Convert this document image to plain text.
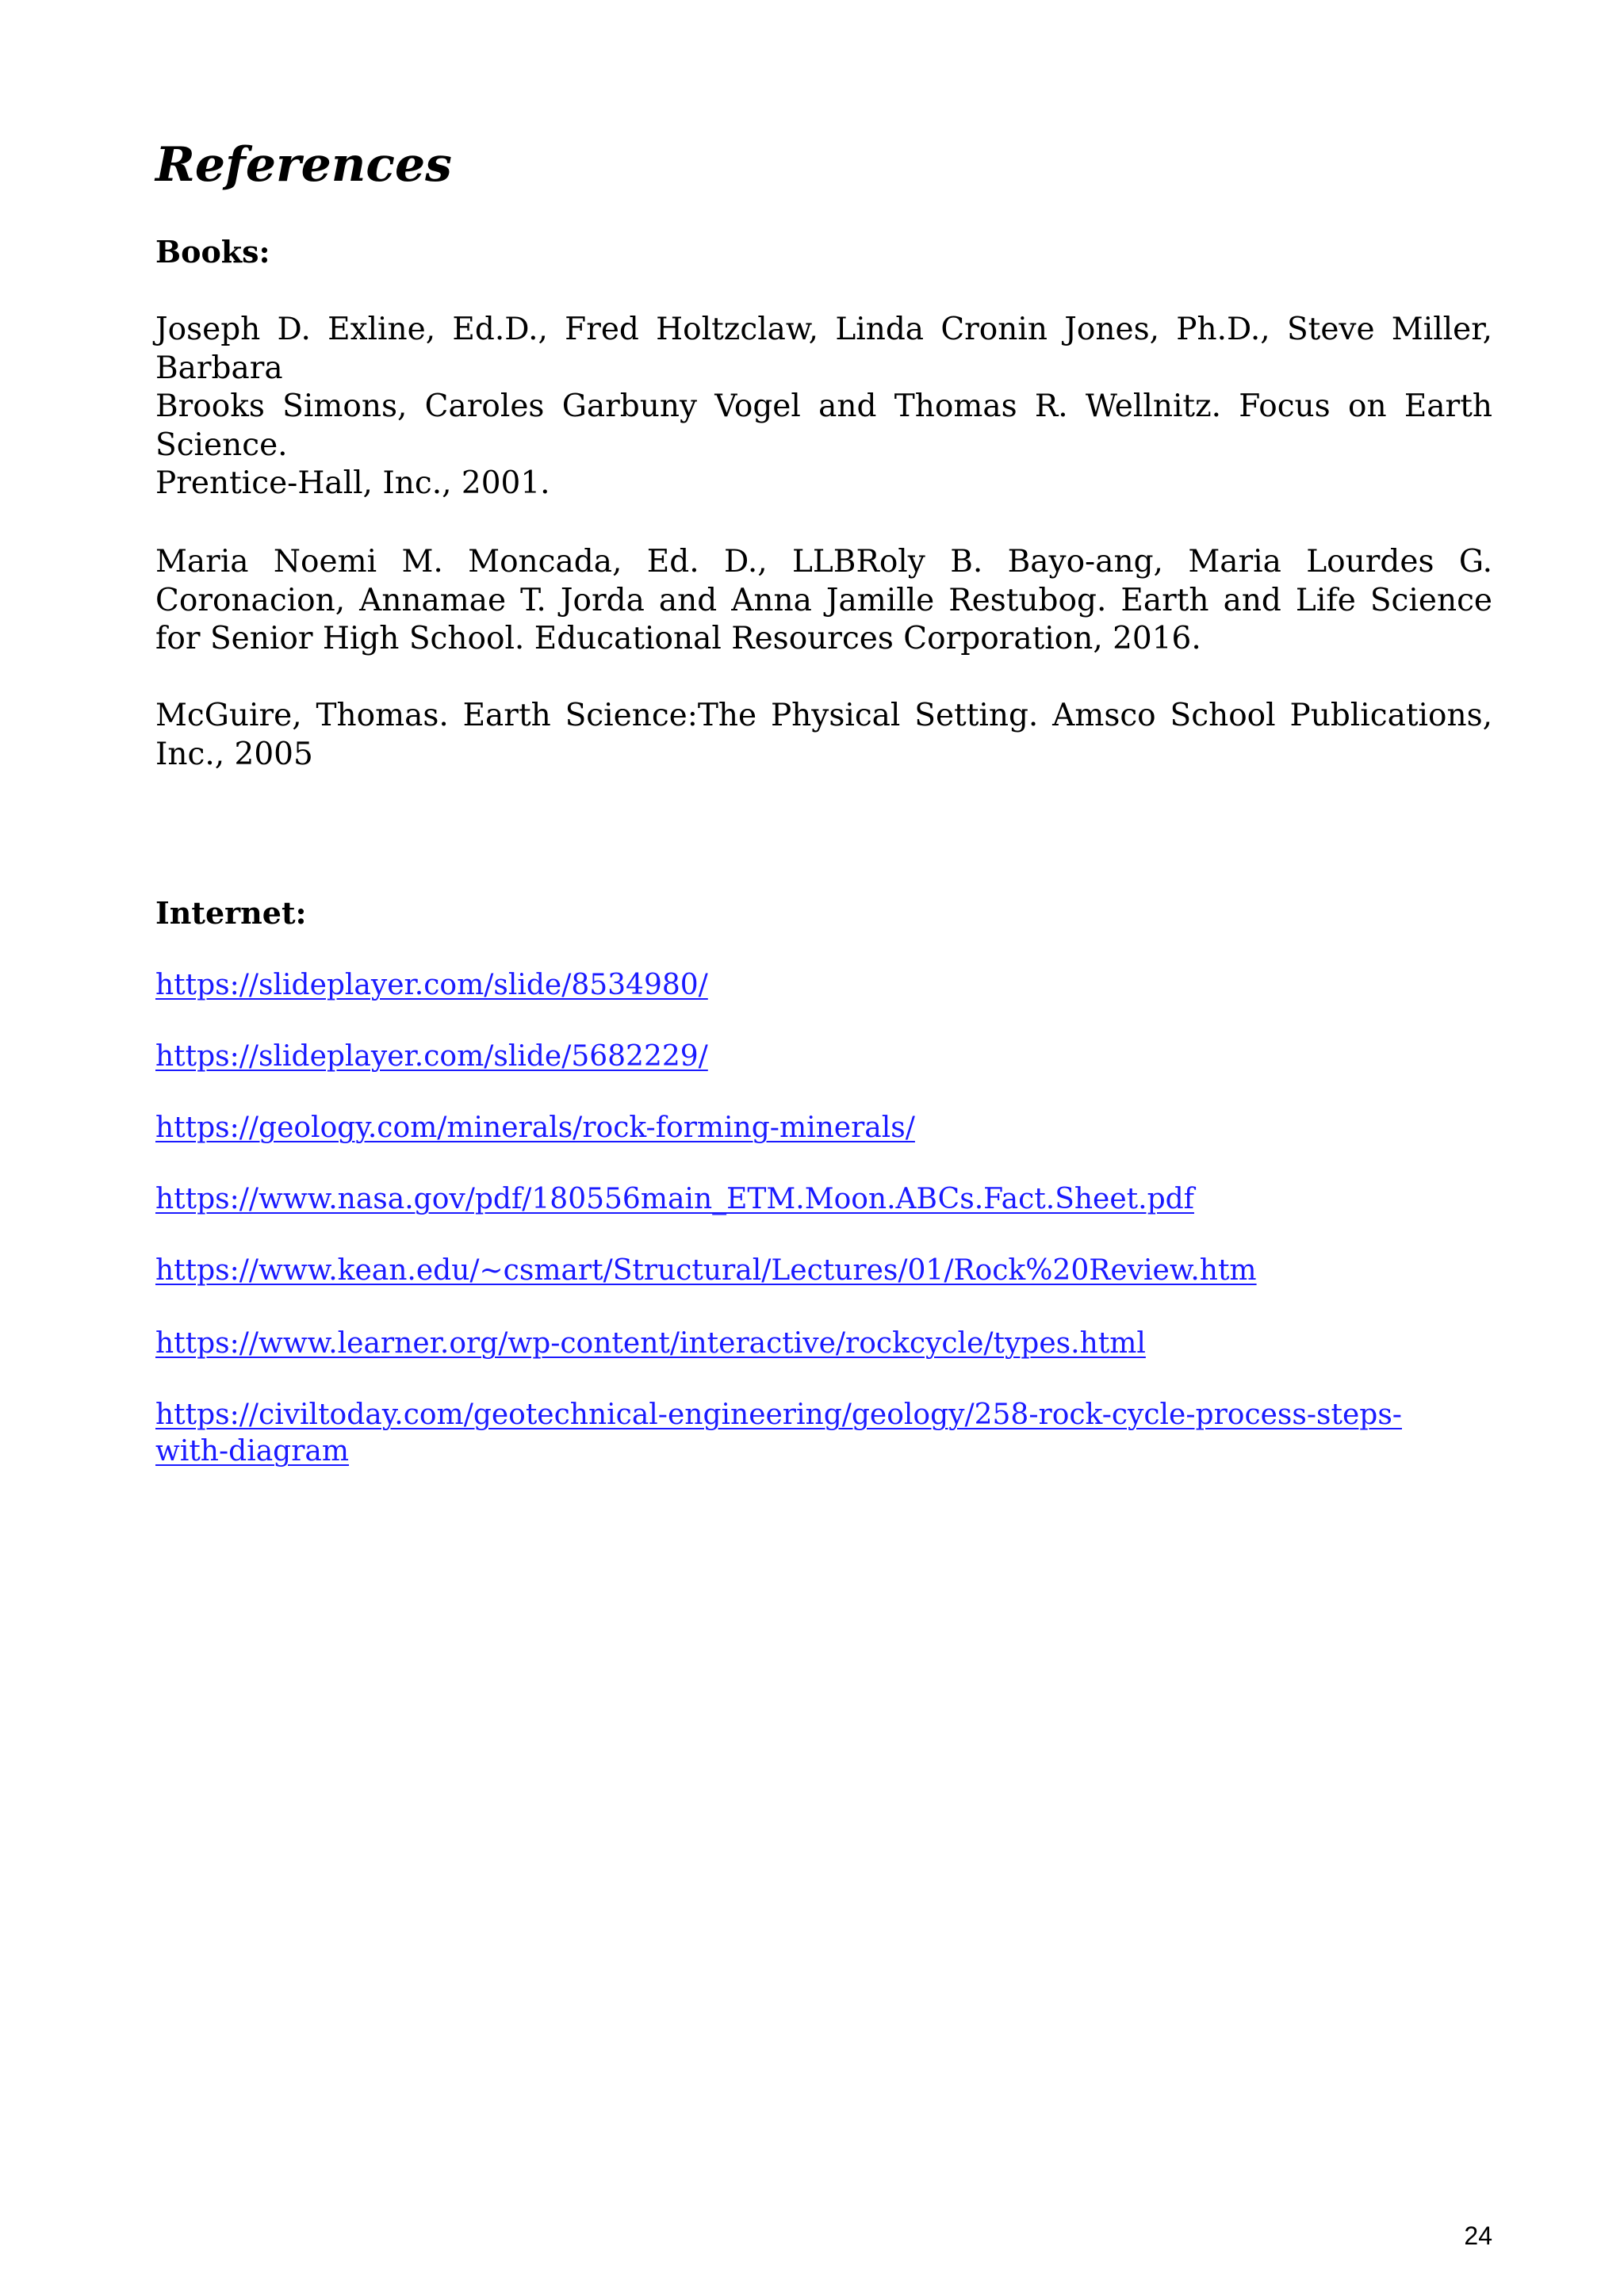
References
Books:

Joseph D. Exline, Ed.D., Fred Holtzclaw, Linda Cronin Jones, Ph.D., Steve Miller,
Barbara
Brooks Simons, Caroles Garbuny Vogel and Thomas R. Wellnitz. Focus on Earth
Science.
Prentice-Hall, Inc., 2001.

Maria Noemi M. Moncada, Ed. D., LLBRoly B. Bayo-ang, Maria Lourdes G.
Coronacion, Annamae T. Jorda and Anna Jamille Restubog. Earth and Life Science
for Senior High School. Educational Resources Corporation, 2016.

McGuire, Thomas. Earth Science:The Physical Setting. Amsco School Publications,
Inc., 2005

Internet:
https://slideplayer.com/slide/8534980/
https://slideplayer.com/slide/5682229/
https://geology.com/minerals/rock-forming-minerals/
https://www.nasa.gov/pdf/180556main_ETM.Moon.ABCs.Fact.Sheet.pdf
https://www.kean.edu/~csmart/Structural/Lectures/01/Rock%20Review.htm
https://www.learner.org/wp-content/interactive/rockcycle/types.html
https://civiltoday.com/geotechnical-engineering/geology/258-rock-cycle-process-steps-
with-diagram
24
